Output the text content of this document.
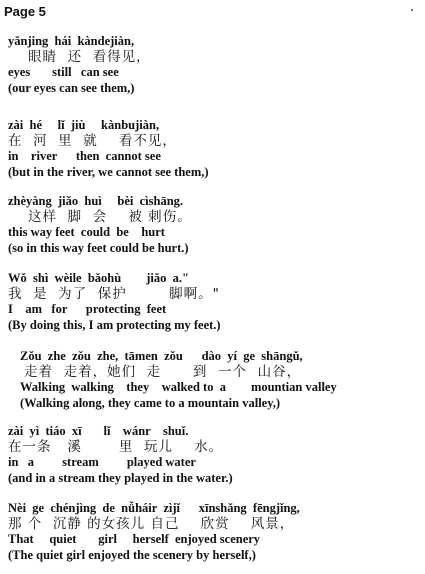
Page 5
yǎnjing  hái  kàndejiàn,
眼睛  还  看得见，
eyes       still   can see
(our eyes can see them,)
zài  hé     lǐ  jiù     kànbujiàn,
在  河  里  就    看不见，
in    river      then  cannot see
(but in the river, we cannot see them,)
zhèyàng  jiǎo  huì     bèi  cìshāng.
这样  脚  会    被 刺伤。
this way feet  could  be    hurt
(so in this way feet could be hurt.)
Wǒ  shì  wèile  bǎohù        jiǎo  a."
我  是  为了  保护        脚啊。"
I    am   for      protecting  feet
(By doing this, I am protecting my feet.)
Zǒu  zhe  zǒu  zhe,  tāmen  zǒu      dào  yí  ge  shāngǔ,
走着  走着，她们  走      到  一个  山谷，
Walking  walking    they    walked to  a        mountian valley
(Walking along, they came to a mountain valley,)
zài  yì  tiáo  xī       lǐ    wánr    shuǐ.
在一条   溪       里  玩儿    水。
in   a         stream         played water
(and in a stream they played in the water.)
Nèi  ge  chénjìng  de  nǚháir  zìjǐ      xīnshǎng  fēngjǐng,
那 个  沉静 的女孩儿 自己    欣赏    风景，
That     quiet       girl     herself  enjoyed scenery
(The quiet girl enjoyed the scenery by herself,)
